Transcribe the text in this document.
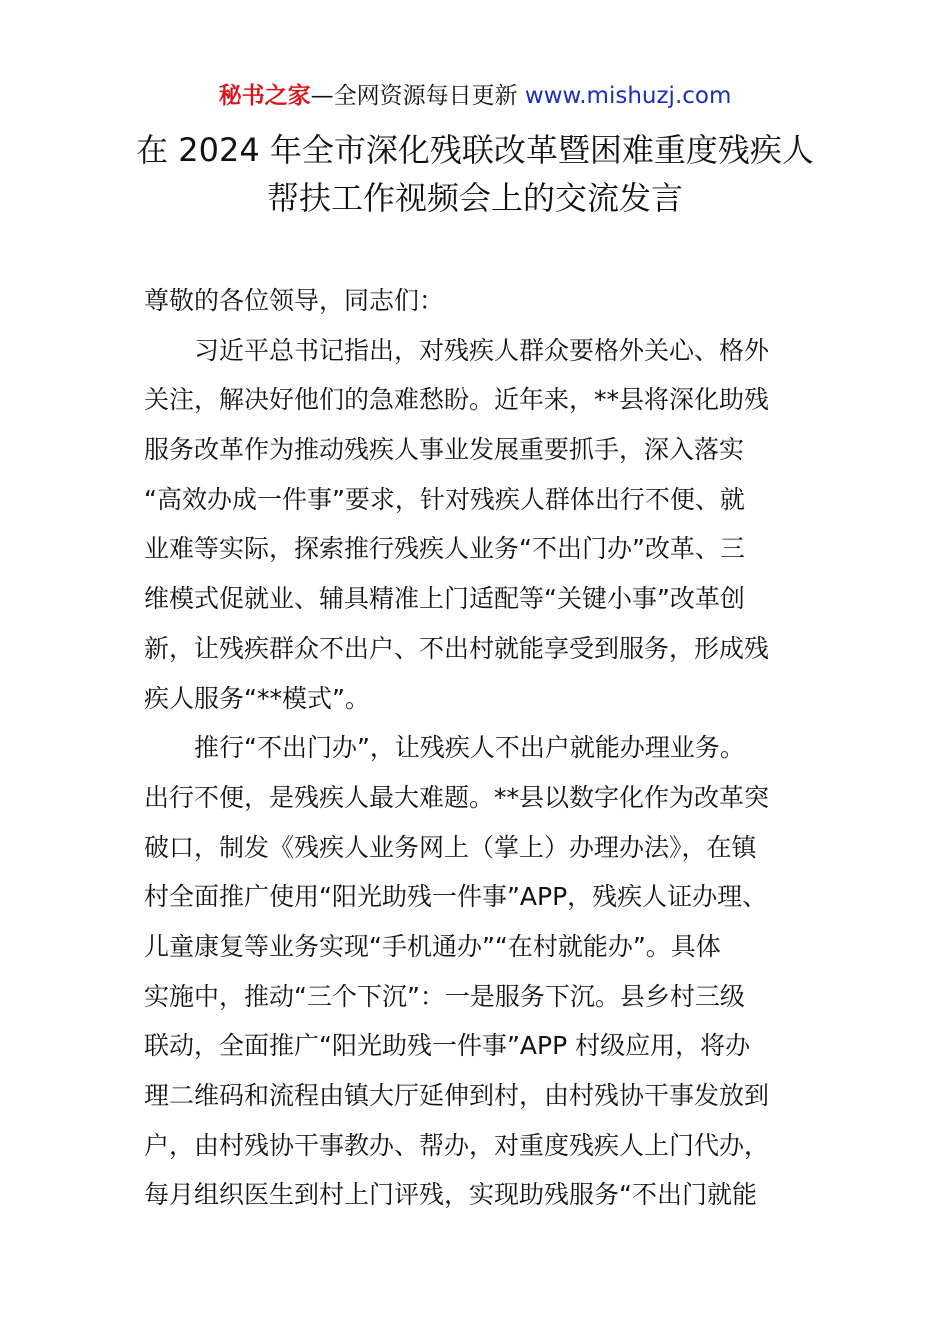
秘书之家—全网资源每日更新 www.mishuzj.com
在 2024 年全市深化残联改革暨困难重度残疾人
帮扶工作视频会上的交流发言
尊敬的各位领导，同志们：
习近平总书记指出，对残疾人群众要格外关心、格外
关注，解决好他们的急难愁盼。近年来，**县将深化助残
服务改革作为推动残疾人事业发展重要抓手，深入落实
“高效办成一件事”要求，针对残疾人群体出行不便、就
业难等实际，探索推行残疾人业务“不出门办”改革、三
维模式促就业、辅具精准上门适配等“关键小事”改革创
新，让残疾群众不出户、不出村就能享受到服务，形成残
疾人服务“**模式”。
推行“不出门办”，让残疾人不出户就能办理业务。
出行不便，是残疾人最大难题。**县以数字化作为改革突
破口，制发《残疾人业务网上（掌上）办理办法》，在镇
村全面推广使用“阳光助残一件事”APP，残疾人证办理、
儿童康复等业务实现“手机通办”“在村就能办”。具体
实施中，推动“三个下沉”：一是服务下沉。县乡村三级
联动，全面推广“阳光助残一件事”APP 村级应用，将办
理二维码和流程由镇大厅延伸到村，由村残协干事发放到
户，由村残协干事教办、帮办，对重度残疾人上门代办，
每月组织医生到村上门评残，实现助残服务“不出门就能
